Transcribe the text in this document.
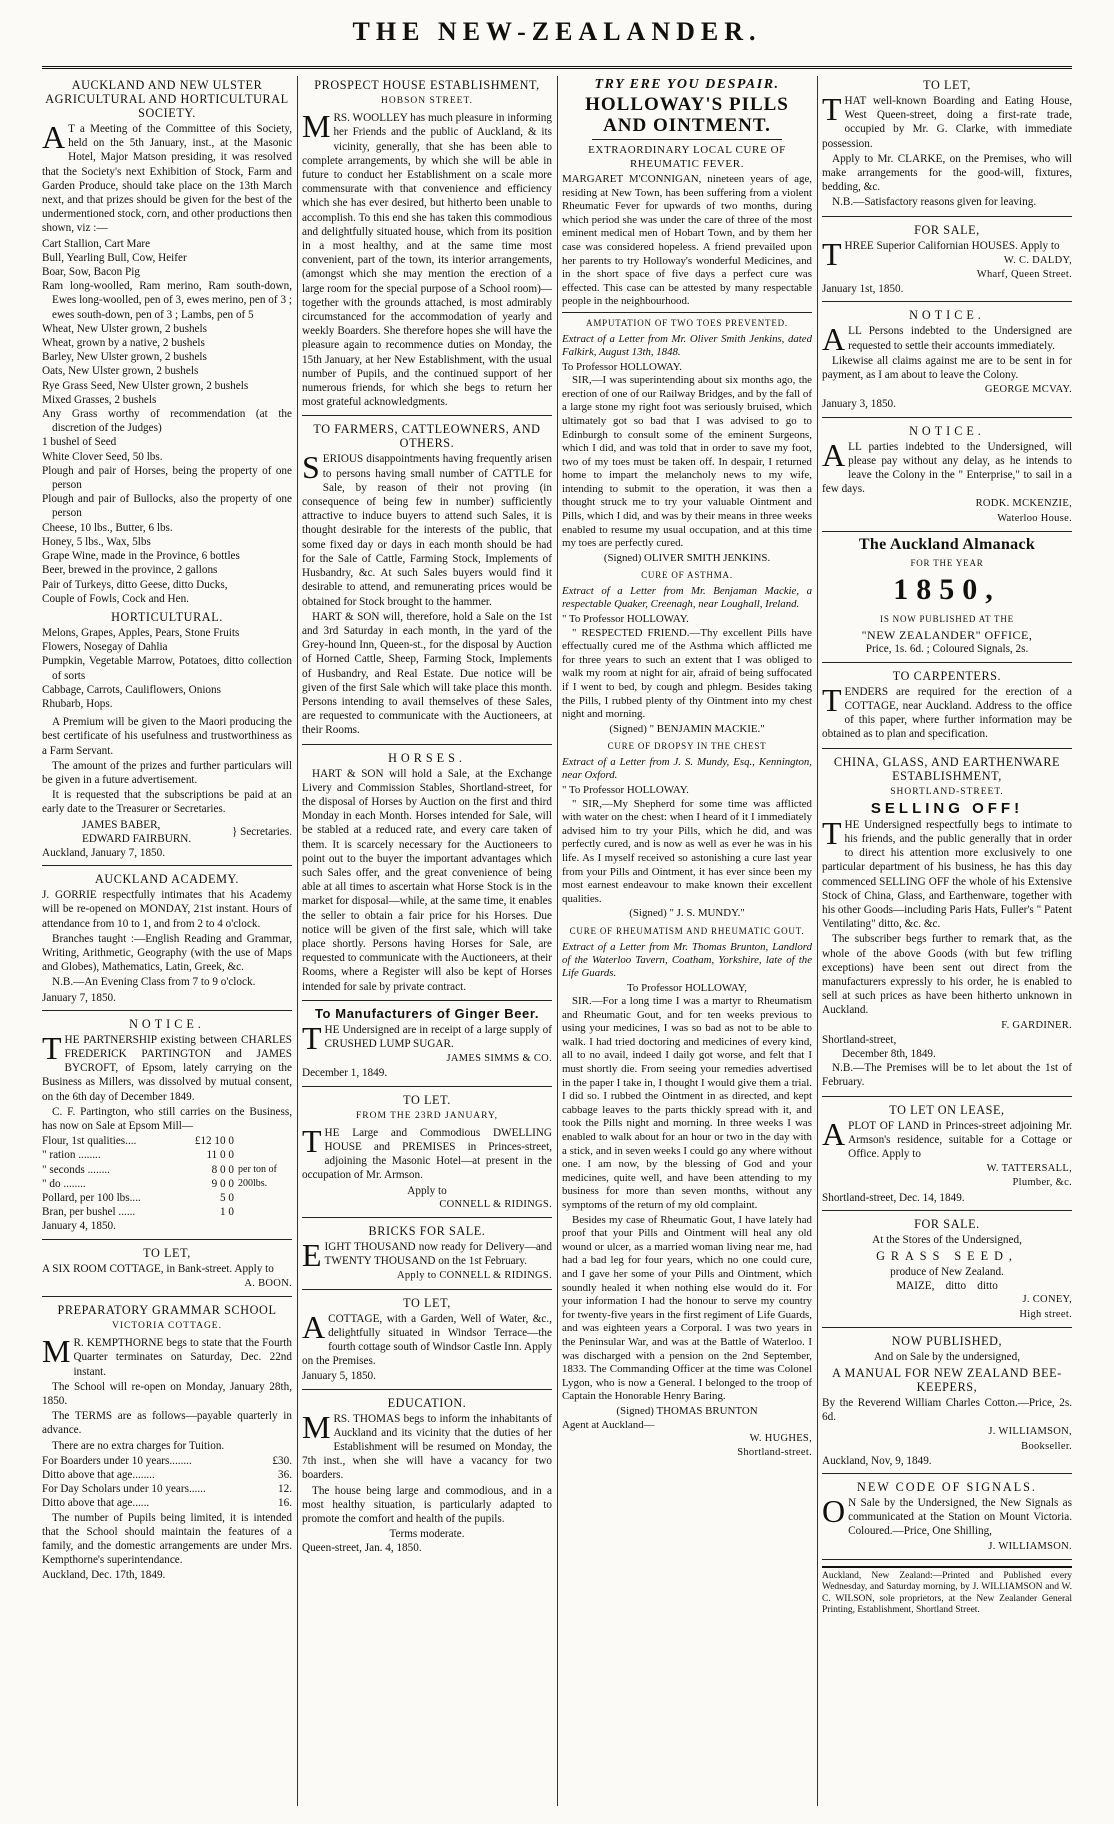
THE NEW-ZEALANDER.
AUCKLAND AND NEW ULSTER AGRICULTURAL AND HORTICULTURAL SOCIETY.

AT a Meeting of the Committee of this Society, held on the 5th January, inst., at the Masonic Hotel, Major Matson presiding, it was resolved that the Society's next Exhibition of Stock, Farm and Garden Produce, should take place on the 13th March next, and that prizes should be given for the best of the undermentioned stock, corn, and other productions then shown, viz :—

Cart Stallion, Cart Mare
Bull, Yearling Bull, Cow, Heifer
Boar, Sow, Bacon Pig
Ram long-woolled, Ram merino, Ram south-down, Ewes long-woolled, pen of 3, ewes merino, pen of 3 ; ewes south-down, pen of 3 ; Lambs, pen of 5
Wheat, New Ulster grown, 2 bushels
Wheat, grown by a native, 2 bushels
Barley, New Ulster grown, 2 bushels
Oats, New Ulster grown, 2 bushels
Rye Grass Seed, New Ulster grown, 2 bushels
Mixed Grasses, 2 bushels
Any Grass worthy of recommendation (at the discretion of the Judges)
1 bushel of Seed
White Clover Seed, 50 lbs.
Plough and pair of Horses, being the property of one person
Plough and pair of Bullocks, also the property of one person
Cheese, 10 lbs., Butter, 6 lbs.
Honey, 5 lbs., Wax, 5lbs
Grape Wine, made in the Province, 6 bottles
Beer, brewed in the province, 2 gallons
Pair of Turkeys, ditto Geese, ditto Ducks,
Couple of Fowls, Cock and Hen.
HORTICULTURAL.
Melons, Grapes, Apples, Pears, Stone Fruits
Flowers, Nosegay of Dahlia
Pumpkin, Vegetable Marrow, Potatoes, ditto collection of sorts
Cabbage, Carrots, Cauliflowers, Onions
Rhubarb, Hops.

A Premium will be given to the Maori producing the best certificate of his usefulness and trustworthiness as a Farm Servant.

The amount of the prizes and further particulars will be given in a future advertisement.

It is requested that the subscriptions be paid at an early date to the Treasurer or Secretaries.

JAMES BABER,
EDWARD FAIRBURN.
} Secretaries.
Auckland, January 7, 1850.
AUCKLAND ACADEMY.

J. GORRIE respectfully intimates that his Academy will be re-opened on MONDAY, 21st instant. Hours of attendance from 10 to 1, and from 2 to 4 o'clock.

Branches taught :—English Reading and Grammar, Writing, Arithmetic, Geography (with the use of Maps and Globes), Mathematics, Latin, Greek, &c.

N.B.—An Evening Class from 7 to 9 o'clock.

January 7, 1850.
NOTICE.

THE PARTNERSHIP existing between CHARLES FREDERICK PARTINGTON and JAMES BYCROFT, of Epsom, lately carrying on the Business as Millers, was dissolved by mutual consent, on the 6th day of December 1849.

C. F. Partington, who still carries on the Business, has now on Sale at Epsom Mill—

Flour, 1st qualities....	£12 10 0
" ration ........	11 0 0
" seconds ........	8 0 0
" do ........	9 0 0
Pollard, per 100 lbs....	5 0
Bran, per bushel ......	1 0
per ton of
200lbs.
January 4, 1850.
TO LET,

A SIX ROOM COTTAGE, in Bank-street. Apply to

A. BOON.
PREPARATORY GRAMMAR SCHOOL
VICTORIA COTTAGE.

MR. KEMPTHORNE begs to state that the Fourth Quarter terminates on Saturday, Dec. 22nd instant.

The School will re-open on Monday, January 28th, 1850.

The TERMS are as follows—payable quarterly in advance.

There are no extra charges for Tuition.

For Boarders under 10 years........	£30.
Ditto above that age........	36.
For Day Scholars under 10 years......	12.
Ditto above that age......	16.

The number of Pupils being limited, it is intended that the School should maintain the features of a family, and the domestic arrangements are under Mrs. Kempthorne's superintendance.

Auckland, Dec. 17th, 1849.
PROSPECT HOUSE ESTABLISHMENT,
HOBSON STREET.

MRS. WOOLLEY has much pleasure in informing her Friends and the public of Auckland, & its vicinity, generally, that she has been able to complete arrangements, by which she will be able in future to conduct her Establishment on a scale more commensurate with that convenience and efficiency which she has ever desired, but hitherto been unable to accomplish. To this end she has taken this commodious and delightfully situated house, which from its position in a most healthy, and at the same time most convenient, part of the town, its interior arrangements, (amongst which she may mention the erection of a large room for the special purpose of a School room)—together with the grounds attached, is most admirably circumstanced for the accommodation of yearly and weekly Boarders. She therefore hopes she will have the pleasure again to recommence duties on Monday, the 15th January, at her New Establishment, with the usual number of Pupils, and the continued support of her numerous friends, for which she begs to return her most grateful acknowledgments.

TO FARMERS, CATTLEOWNERS, AND OTHERS.

SERIOUS disappointments having frequently arisen to persons having small number of CATTLE for Sale, by reason of their not proving (in consequence of being few in number) sufficiently attractive to induce buyers to attend such Sales, it is thought desirable for the interests of the public, that some fixed day or days in each month should be had for the Sale of Cattle, Farming Stock, Implements of Husbandry, &c. At such Sales buyers would find it desirable to attend, and remunerating prices would be obtained for Stock brought to the hammer.

HART & SON will, therefore, hold a Sale on the 1st and 3rd Saturday in each month, in the yard of the Grey-hound Inn, Queen-st., for the disposal by Auction of Horned Cattle, Sheep, Farming Stock, Implements of Husbandry, and Real Estate. Due notice will be given of the first Sale which will take place this month. Persons intending to avail themselves of these Sales, are requested to communicate with the Auctioneers, at their Rooms.

HORSES.

HART & SON will hold a Sale, at the Exchange Livery and Commission Stables, Shortland-street, for the disposal of Horses by Auction on the first and third Monday in each Month. Horses intended for Sale, will be stabled at a reduced rate, and every care taken of them. It is scarcely necessary for the Auctioneers to point out to the buyer the important advantages which such Sales offer, and the great convenience of being able at all times to ascertain what Horse Stock is in the market for disposal—while, at the same time, it enables the seller to obtain a fair price for his Horses. Due notice will be given of the first sale, which will take place shortly. Persons having Horses for Sale, are requested to communicate with the Auctioneers, at their Rooms, where a Register will also be kept of Horses intended for sale by private contract.

To Manufacturers of Ginger Beer.

THE Undersigned are in receipt of a large supply of CRUSHED LUMP SUGAR.

JAMES SIMMS & CO.
December 1, 1849.
TO LET.
FROM THE 23RD JANUARY,

THE Large and Commodious DWELLING HOUSE and PREMISES in Princes-street, adjoining the Masonic Hotel—at present in the occupation of Mr. Armson.

Apply to
CONNELL & RIDINGS.
BRICKS FOR SALE.

EIGHT THOUSAND now ready for Delivery—and TWENTY THOUSAND on the 1st February.

Apply to CONNELL & RIDINGS.
TO LET,

ACOTTAGE, with a Garden, Well of Water, &c., delightfully situated in Windsor Terrace—the fourth cottage south of Windsor Castle Inn. Apply on the Premises.

January 5, 1850.
EDUCATION.

MRS. THOMAS begs to inform the inhabitants of Auckland and its vicinity that the duties of her Establishment will be resumed on Monday, the 7th inst., when she will have a vacancy for two boarders.

The house being large and commodious, and in a most healthy situation, is particularly adapted to promote the comfort and health of the pupils.

Terms moderate.
Queen-street, Jan. 4, 1850.
TRY ERE YOU DESPAIR.
HOLLOWAY'S PILLS AND OINTMENT.
EXTRAORDINARY LOCAL CURE OF RHEUMATIC FEVER.

MARGARET M'CONNIGAN, nineteen years of age, residing at New Town, has been suffering from a violent Rheumatic Fever for upwards of two months, during which period she was under the care of three of the most eminent medical men of Hobart Town, and by them her case was considered hopeless. A friend prevailed upon her parents to try Holloway's wonderful Medicines, and in the short space of five days a perfect cure was effected. This case can be attested by many respectable people in the neighbourhood.

AMPUTATION OF TWO TOES PREVENTED.
Extract of a Letter from Mr. Oliver Smith Jenkins, dated Falkirk, August 13th, 1848.
To Professor HOLLOWAY.

SIR,—I was superintending about six months ago, the erection of one of our Railway Bridges, and by the fall of a large stone my right foot was seriously bruised, which ultimately got so bad that I was advised to go to Edinburgh to consult some of the eminent Surgeons, which I did, and was told that in order to save my foot, two of my toes must be taken off. In despair, I returned home to impart the melancholy news to my wife, intending to submit to the operation, it was then a thought struck me to try your valuable Ointment and Pills, which I did, and was by their means in three weeks enabled to resume my usual occupation, and at this time my toes are perfectly cured.

(Signed) OLIVER SMITH JENKINS.
CURE OF ASTHMA.
Extract of a Letter from Mr. Benjaman Mackie, a respectable Quaker, Creenagh, near Loughall, Ireland.
" To Professor HOLLOWAY.

" RESPECTED FRIEND.—Thy excellent Pills have effectually cured me of the Asthma which afflicted me for three years to such an extent that I was obliged to walk my room at night for air, afraid of being suffocated if I went to bed, by cough and phlegm. Besides taking the Pills, I rubbed plenty of thy Ointment into my chest night and morning.

(Signed) " BENJAMIN MACKIE."
CURE OF DROPSY IN THE CHEST
Extract of a Letter from J. S. Mundy, Esq., Kennington, near Oxford.
" To Professor HOLLOWAY.

" SIR,—My Shepherd for some time was afflicted with water on the chest: when I heard of it I immediately advised him to try your Pills, which he did, and was perfectly cured, and is now as well as ever he was in his life. As I myself received so astonishing a cure last year from your Pills and Ointment, it has ever since been my most earnest endeavour to make known their excellent qualities.

(Signed) " J. S. MUNDY."
CURE OF RHEUMATISM AND RHEUMATIC GOUT.
Extract of a Letter from Mr. Thomas Brunton, Landlord of the Waterloo Tavern, Coatham, Yorkshire, late of the Life Guards.
To Professor HOLLOWAY,

SIR.—For a long time I was a martyr to Rheumatism and Rheumatic Gout, and for ten weeks previous to using your medicines, I was so bad as not to be able to walk. I had tried doctoring and medicines of every kind, all to no avail, indeed I daily got worse, and felt that I must shortly die. From seeing your remedies advertised in the paper I take in, I thought I would give them a trial. I did so. I rubbed the Ointment in as directed, and kept cabbage leaves to the parts thickly spread with it, and took the Pills night and morning. In three weeks I was enabled to walk about for an hour or two in the day with a stick, and in seven weeks I could go any where without one. I am now, by the blessing of God and your medicines, quite well, and have been attending to my business for more than seven months, without any symptoms of the return of my old complaint.

Besides my case of Rheumatic Gout, I have lately had proof that your Pills and Ointment will heal any old wound or ulcer, as a married woman living near me, had had a bad leg for four years, which no one could cure, and I gave her some of your Pills and Ointment, which soundly healed it when nothing else would do it. For your information I had the honour to serve my country for twenty-five years in the first regiment of Life Guards, and was eighteen years a Corporal. I was two years in the Peninsular War, and was at the Battle of Waterloo. I was discharged with a pension on the 2nd September, 1833. The Commanding Officer at the time was Colonel Lygon, who is now a General. I belonged to the troop of Captain the Honorable Henry Baring.

(Signed) THOMAS BRUNTON
Agent at Auckland—
W. HUGHES,
Shortland-street.
TO LET,

THAT well-known Boarding and Eating House, West Queen-street, doing a first-rate trade, occupied by Mr. G. Clarke, with immediate possession.

Apply to Mr. CLARKE, on the Premises, who will make arrangements for the good-will, fixtures, bedding, &c.

N.B.—Satisfactory reasons given for leaving.

FOR SALE,

THREE Superior Californian HOUSES. Apply to

W. C. DALDY,
Wharf, Queen Street.
January 1st, 1850.
NOTICE.

ALL Persons indebted to the Undersigned are requested to settle their accounts immediately.

Likewise all claims against me are to be sent in for payment, as I am about to leave the Colony.

GEORGE MCVAY.
January 3, 1850.
NOTICE.

ALL parties indebted to the Undersigned, will please pay without any delay, as he intends to leave the Colony in the " Enterprise," to sail in a few days.

RODK. MCKENZIE,
Waterloo House.
The Auckland Almanack
FOR THE YEAR
1850,
IS NOW PUBLISHED AT THE
"NEW ZEALANDER" OFFICE,
Price, 1s. 6d. ; Coloured Signals, 2s.
TO CARPENTERS.

TENDERS are required for the erection of a COTTAGE, near Auckland. Address to the office of this paper, where further information may be obtained as to plan and specification.

CHINA, GLASS, AND EARTHENWARE ESTABLISHMENT,
SHORTLAND-STREET.
SELLING OFF!

THE Undersigned respectfully begs to intimate to his friends, and the public generally that in order to direct his attention more exclusively to one particular department of his business, he has this day commenced SELLING OFF the whole of his Extensive Stock of China, Glass, and Earthenware, together with his other Goods—including Paris Hats, Fuller's " Patent Ventilating" ditto, &c. &c.

The subscriber begs further to remark that, as the whole of the above Goods (with but few trifling exceptions) have been sent out direct from the manufacturers expressly to his order, he is enabled to sell at such prices as have been hitherto unknown in Auckland.

F. GARDINER.
Shortland-street,
December 8th, 1849.

N.B.—The Premises will be to let about the 1st of February.

TO LET ON LEASE,

APLOT OF LAND in Princes-street adjoining Mr. Armson's residence, suitable for a Cottage or Office. Apply to

W. TATTERSALL,
Plumber, &c.
Shortland-street, Dec. 14, 1849.
FOR SALE.
At the Stores of the Undersigned,
GRASS SEED,
produce of New Zealand.
MAIZE,    ditto    ditto
J. CONEY,
High street.
NOW PUBLISHED,
And on Sale by the undersigned,
A MANUAL FOR NEW ZEALAND BEE-KEEPERS,

By the Reverend William Charles Cotton.—Price, 2s. 6d.

J. WILLIAMSON,
Bookseller.
Auckland, Nov, 9, 1849.
NEW CODE OF SIGNALS.

ON Sale by the Undersigned, the New Signals as communicated at the Station on Mount Victoria. Coloured.—Price, One Shilling,

J. WILLIAMSON.
Auckland, New Zealand:—Printed and Published every Wednesday, and Saturday morning, by J. WILLIAMSON and W. C. WILSON, sole proprietors, at the New Zealander General Printing, Establishment, Shortland Street.
